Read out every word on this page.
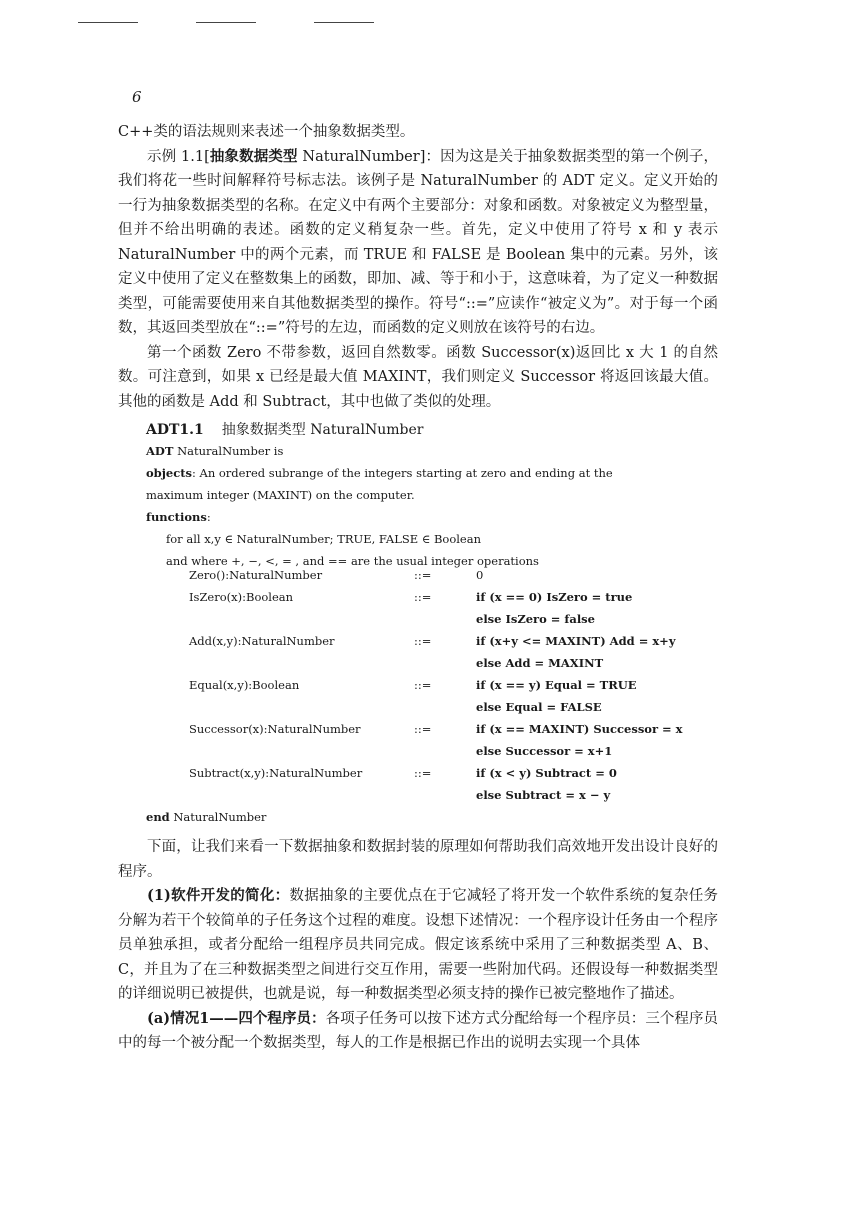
6

C++类的语法规则来表述一个抽象数据类型。

示例 1.1[抽象数据类型 NaturalNumber]：因为这是关于抽象数据类型的第一个例子，我们将花一些时间解释符号标志法。该例子是 NaturalNumber 的 ADT 定义。定义开始的一行为抽象数据类型的名称。在定义中有两个主要部分：对象和函数。对象被定义为整型量，但并不给出明确的表述。函数的定义稍复杂一些。首先，定义中使用了符号 x 和 y 表示 NaturalNumber 中的两个元素，而 TRUE 和 FALSE 是 Boolean 集中的元素。另外，该定义中使用了定义在整数集上的函数，即加、减、等于和小于，这意味着，为了定义一种数据类型，可能需要使用来自其他数据类型的操作。符号“::=”应读作“被定义为”。对于每一个函数，其返回类型放在“::=”符号的左边，而函数的定义则放在该符号的右边。

第一个函数 Zero 不带参数，返回自然数零。函数 Successor(x)返回比 x 大 1 的自然数。可注意到，如果 x 已经是最大值 MAXINT，我们则定义 Successor 将返回该最大值。其他的函数是 Add 和 Subtract，其中也做了类似的处理。

ADT1.1 抽象数据类型 NaturalNumber
ADT NaturalNumber is
objects: An ordered subrange of the integers starting at zero and ending at the
maximum integer (MAXINT) on the computer.
functions:
for all x,y ∈ NaturalNumber; TRUE, FALSE ∈ Boolean
and where +, −, <, = , and == are the usual integer operations
Zero():NaturalNumber	::=	0
IsZero(x):Boolean	::=	if (x == 0) IsZero = true
else IsZero = false
Add(x,y):NaturalNumber	::=	if (x+y <= MAXINT) Add = x+y
else Add = MAXINT
Equal(x,y):Boolean	::=	if (x == y) Equal = TRUE
else Equal = FALSE
Successor(x):NaturalNumber	::=	if (x == MAXINT) Successor = x
else Successor = x+1
Subtract(x,y):NaturalNumber	::=	if (x < y) Subtract = 0
else Subtract = x − y
end NaturalNumber

下面，让我们来看一下数据抽象和数据封装的原理如何帮助我们高效地开发出设计良好的程序。

(1)软件开发的简化：数据抽象的主要优点在于它减轻了将开发一个软件系统的复杂任务分解为若干个较简单的子任务这个过程的难度。设想下述情况：一个程序设计任务由一个程序员单独承担，或者分配给一组程序员共同完成。假定该系统中采用了三种数据类型 A、B、C，并且为了在三种数据类型之间进行交互作用，需要一些附加代码。还假设每一种数据类型的详细说明已被提供，也就是说，每一种数据类型必须支持的操作已被完整地作了描述。

(a)情况1——四个程序员：各项子任务可以按下述方式分配给每一个程序员：三个程序员中的每一个被分配一个数据类型，每人的工作是根据已作出的说明去实现一个具体
